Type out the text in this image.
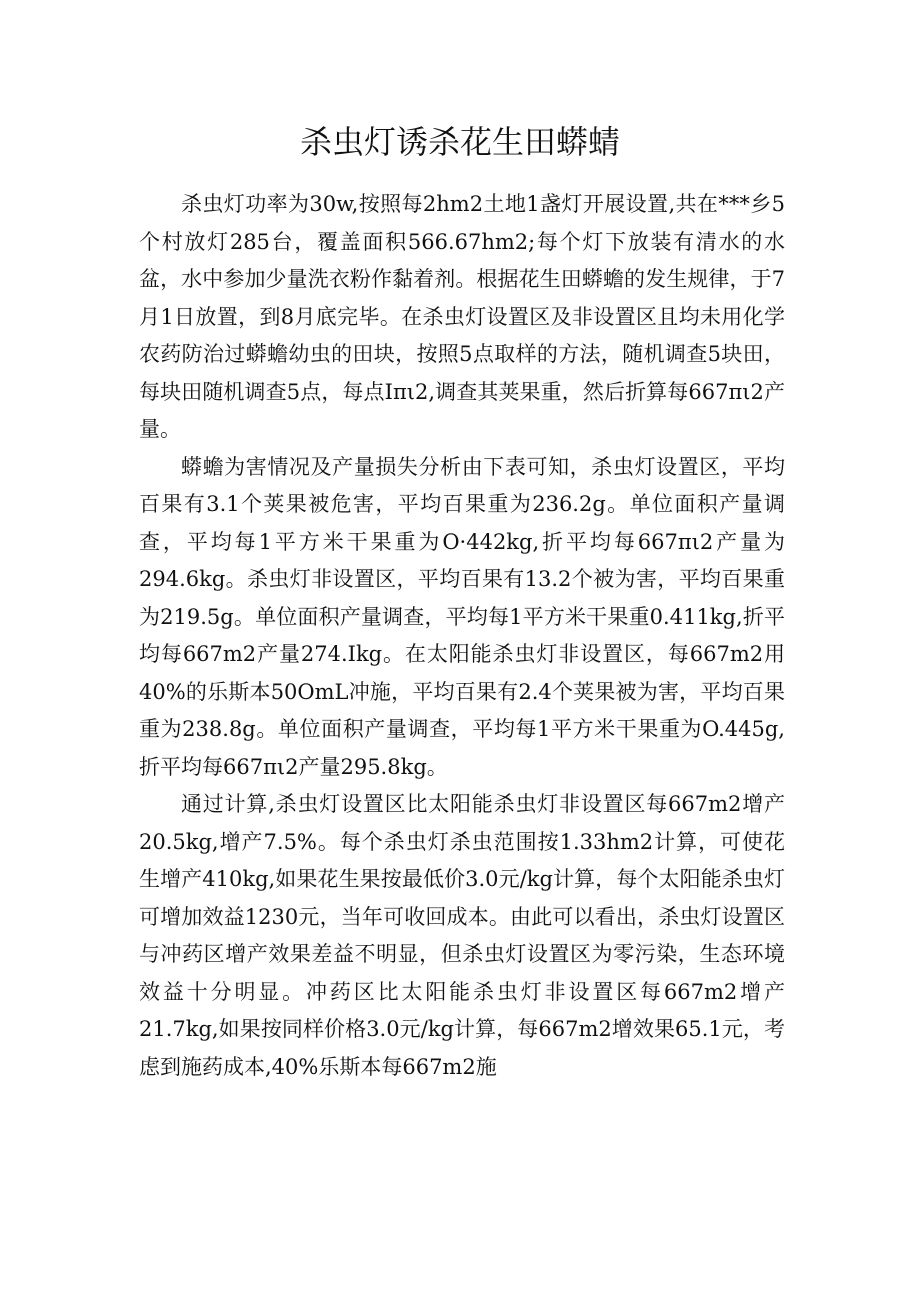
杀虫灯诱杀花生田蟒蜻

杀虫灯功率为30w,按照每2hm2土地1盏灯开展设置,共在***乡5个村放灯285台，覆盖面积566.67hm2;每个灯下放装有清水的水盆，水中参加少量洗衣粉作黏着剂。根据花生田蟒蟾的发生规律，于7月1日放置，到8月底完毕。在杀虫灯设置区及非设置区且均未用化学农药防治过蟒蟾幼虫的田块，按照5点取样的方法，随机调查5块田，每块田随机调查5点，每点Iπι2,调查其荚果重，然后折算每667πι2产量。

蟒蟾为害情况及产量损失分析由下表可知，杀虫灯设置区，平均百果有3.1个荚果被危害，平均百果重为236.2g。单位面积产量调查，平均每1平方米干果重为O·442kg,折平均每667πι2产量为294.6kg。杀虫灯非设置区，平均百果有13.2个被为害，平均百果重为219.5g。单位面积产量调查，平均每1平方米干果重0.411kg,折平均每667m2产量274.Ikg。在太阳能杀虫灯非设置区，每667m2用40%的乐斯本50OmL冲施，平均百果有2.4个荚果被为害，平均百果重为238.8g。单位面积产量调查，平均每1平方米干果重为O.445g,折平均每667πι2产量295.8kg。

通过计算,杀虫灯设置区比太阳能杀虫灯非设置区每667m2增产20.5kg,增产7.5%。每个杀虫灯杀虫范围按1.33hm2计算，可使花生增产410kg,如果花生果按最低价3.0元/kg计算，每个太阳能杀虫灯可增加效益1230元，当年可收回成本。由此可以看出，杀虫灯设置区与冲药区增产效果差益不明显，但杀虫灯设置区为零污染，生态环境效益十分明显。冲药区比太阳能杀虫灯非设置区每667m2增产21.7kg,如果按同样价格3.0元/kg计算，每667m2增效果65.1元，考虑到施药成本,40%乐斯本每667m2施
